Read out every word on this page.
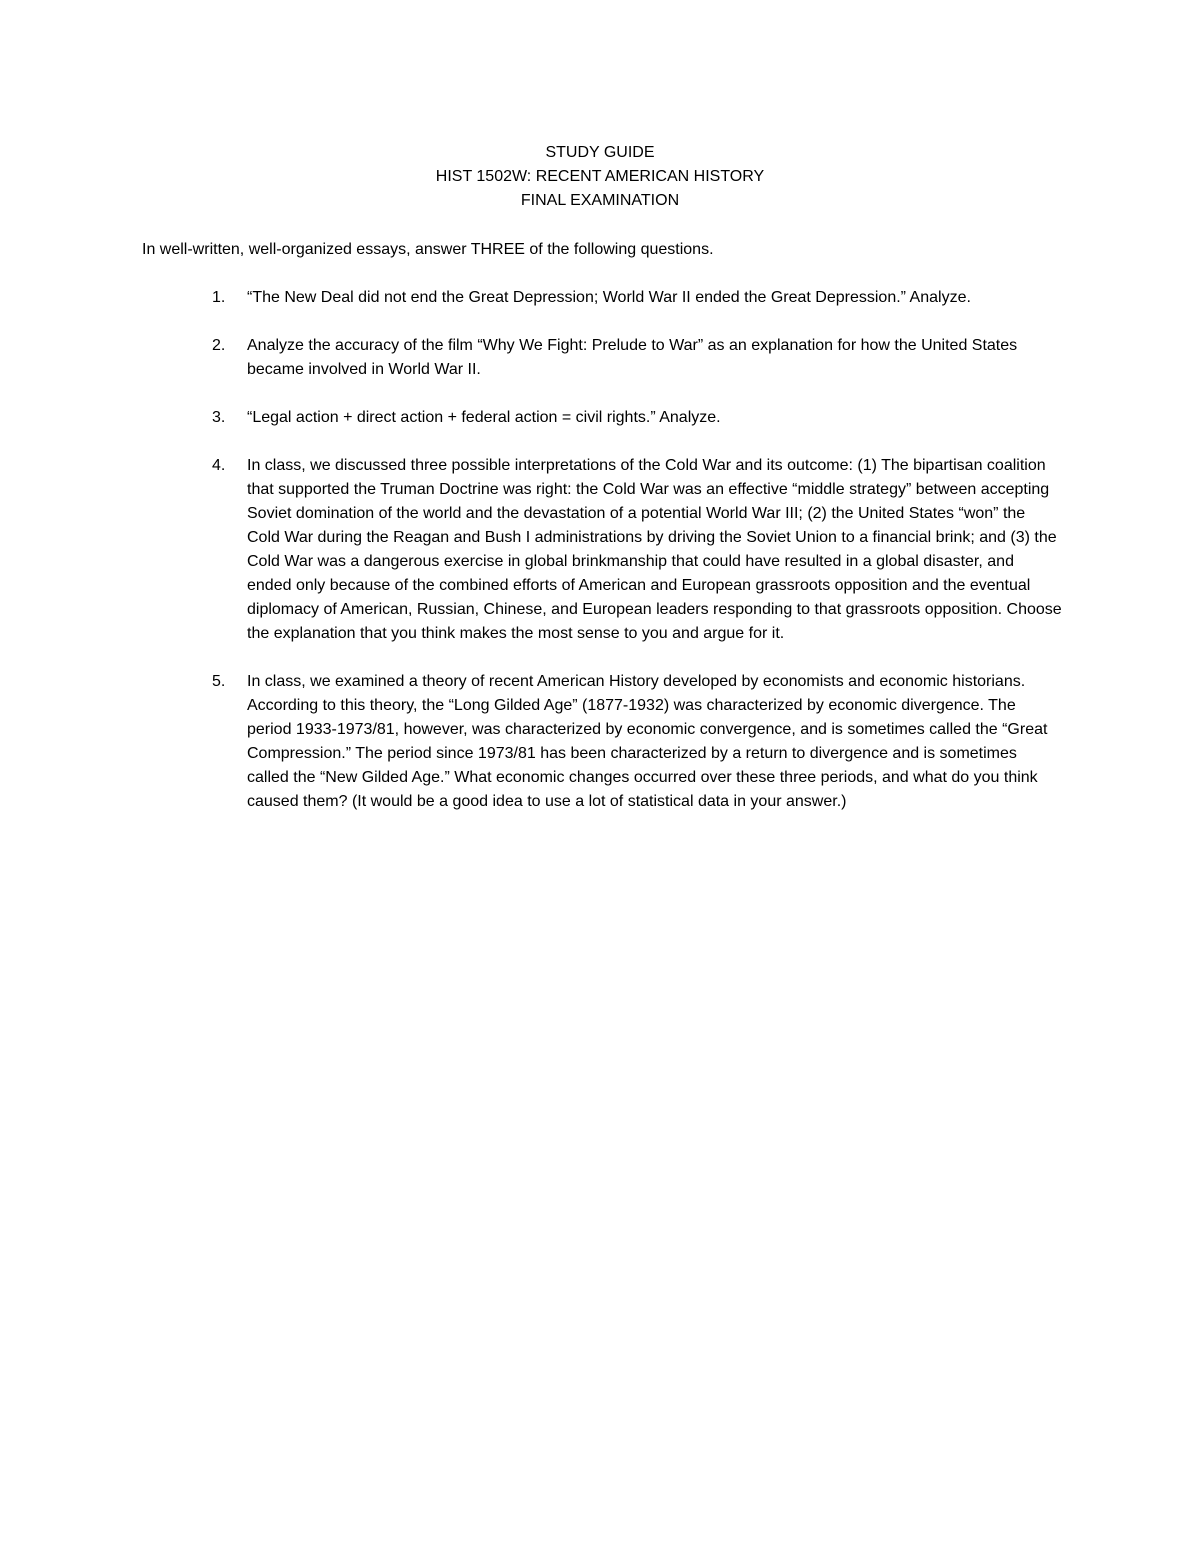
STUDY GUIDE
HIST 1502W: RECENT AMERICAN HISTORY
FINAL EXAMINATION
In well-written, well-organized essays, answer THREE of the following questions.
1. “The New Deal did not end the Great Depression; World War II ended the Great Depression.” Analyze.
2. Analyze the accuracy of the film “Why We Fight: Prelude to War” as an explanation for how the United States became involved in World War II.
3. “Legal action + direct action + federal action = civil rights.” Analyze.
4. In class, we discussed three possible interpretations of the Cold War and its outcome: (1) The bipartisan coalition that supported the Truman Doctrine was right: the Cold War was an effective “middle strategy” between accepting Soviet domination of the world and the devastation of a potential World War III; (2) the United States “won” the Cold War during the Reagan and Bush I administrations by driving the Soviet Union to a financial brink; and (3) the Cold War was a dangerous exercise in global brinkmanship that could have resulted in a global disaster, and ended only because of the combined efforts of American and European grassroots opposition and the eventual diplomacy of American, Russian, Chinese, and European leaders responding to that grassroots opposition. Choose the explanation that you think makes the most sense to you and argue for it.
5. In class, we examined a theory of recent American History developed by economists and economic historians. According to this theory, the “Long Gilded Age” (1877-1932) was characterized by economic divergence. The period 1933-1973/81, however, was characterized by economic convergence, and is sometimes called the “Great Compression.” The period since 1973/81 has been characterized by a return to divergence and is sometimes called the “New Gilded Age.” What economic changes occurred over these three periods, and what do you think caused them? (It would be a good idea to use a lot of statistical data in your answer.)
